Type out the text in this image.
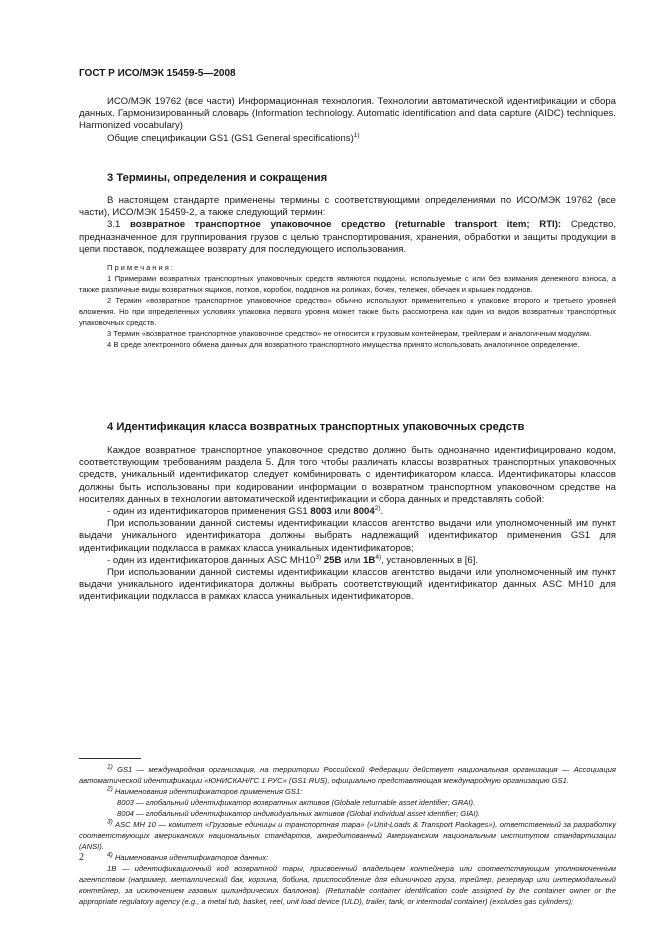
ГОСТ Р ИСО/МЭК 15459-5—2008

ИСО/МЭК 19762 (все части) Информационная технология. Технологии автоматической идентификации и сбора данных. Гармонизированный словарь (Information technology. Automatic identification and data capture (AIDC) techniques. Harmonized vocabulary)

Общие спецификации GS1 (GS1 General specifications)$^{1)}$

3 Термины, определения и сокращения

В настоящем стандарте применены термины с соответствующими определениями по ИСО/МЭК 19762 (все части), ИСО/МЭК 15459-2, а также следующий термин:

3.1 возвратное транспортное упаковочное средство (returnable transport item; RTI): Средство, предназначенное для группирования грузов с целью транспортирования, хранения, обработки и защиты продукции в цепи поставок, подлежащее возврату для последующего использования.

Примечания:

1 Примерами возвратных транспортных упаковочных средств являются поддоны, используемые с или без взимания денежного взноса, а также различные виды возвратных ящиков, лотков, коробок, поддонов на роликах, бочек, тележек, обечаек и крышек поддонов.

2 Термин «возвратное транспортное упаковочное средство» обычно используют применительно к упаковке второго и третьего уровней вложения. Но при определенных условиях упаковка первого уровня может также быть рассмотрена как один из видов возвратных транспортных упаковочных средств.

3 Термин «возвратное транспортное упаковочное средство» не относится к грузовым контейнерам, трейлерам и аналогичным модулям.

4 В среде электронного обмена данных для возвратного транспортного имущества принято использовать аналогичное определение.

4 Идентификация класса возвратных транспортных упаковочных средств

Каждое возвратное транспортное упаковочное средство должно быть однозначно идентифицировано кодом, соответствующим требованиям раздела 5. Для того чтобы различать классы возвратных транспортных упаковочных средств, уникальный идентификатор следует комбинировать с идентификатором класса. Идентификаторы классов должны быть использованы при кодировании информации о возвратном транспортном упаковочном средстве на носителях данных в технологии автоматической идентификации и сбора данных и представлять собой:

- один из идентификаторов применения GS1 8003 или 8004$^{2)}$.

При использовании данной системы идентификации классов агентство выдачи или уполномоченный им пункт выдачи уникального идентификатора должны выбрать надлежащий идентификатор применения GS1 для идентификации подкласса в рамках класса уникальных идентификаторов;

- один из идентификаторов данных ASC MH10$^{3)}$ 25B или $1B^{4)}$, установленных в [6].

При использовании данной системы идентификации классов агентство выдачи или уполномоченный им пункт выдачи уникального идентификатора должны выбрать соответствующий идентификатор данных ASC MH10 для идентификации подкласса в рамках класса уникальных идентификаторов.

$^{1)}$ GS1 — международная организация, на территории Российской Федерации действует национальная организация — Ассоциация автоматической идентификации «ЮНИСКАН/ГС 1 РУС» (GS1 RUS), официально представляющая международную организацию GS1.

$^{2)}$ Наименования идентификаторов применения GS1:

8003 — глобальный идентификатор возвратных активов (Globale returnable asset identifier; GRAI).

8004 — глобальный идентификатор индивидуальных активов (Global individual asset identifier; GIAI).

$^{3)}$ ASC MH 10 — комитет «Грузовые единицы и транспортная тара» («Unit-Loads & Transport Packages»), ответственный за разработку соответствующих американских национальных стандартов, аккредитованный Американским национальным институтом стандартизации (ANSI).

$^{4)}$ Наименования идентификаторов данных:

1B — идентификационный код возвратной тары, присвоенный владельцем контейнера или соответствующим уполномоченным агентством (например, металлический бак, корзина, бобина, приспособление для единичного груза, трейлер, резервуар или интермодальный контейнер, за исключением газовых цилиндрических баллонов). (Returnable container identification code assigned by the container owner or the appropriate regulatory agency (e.g., a metal tub, basket, reel, unit load device (ULD), trailer, tank, or intermodal container) (excludes gas cylinders);

2
